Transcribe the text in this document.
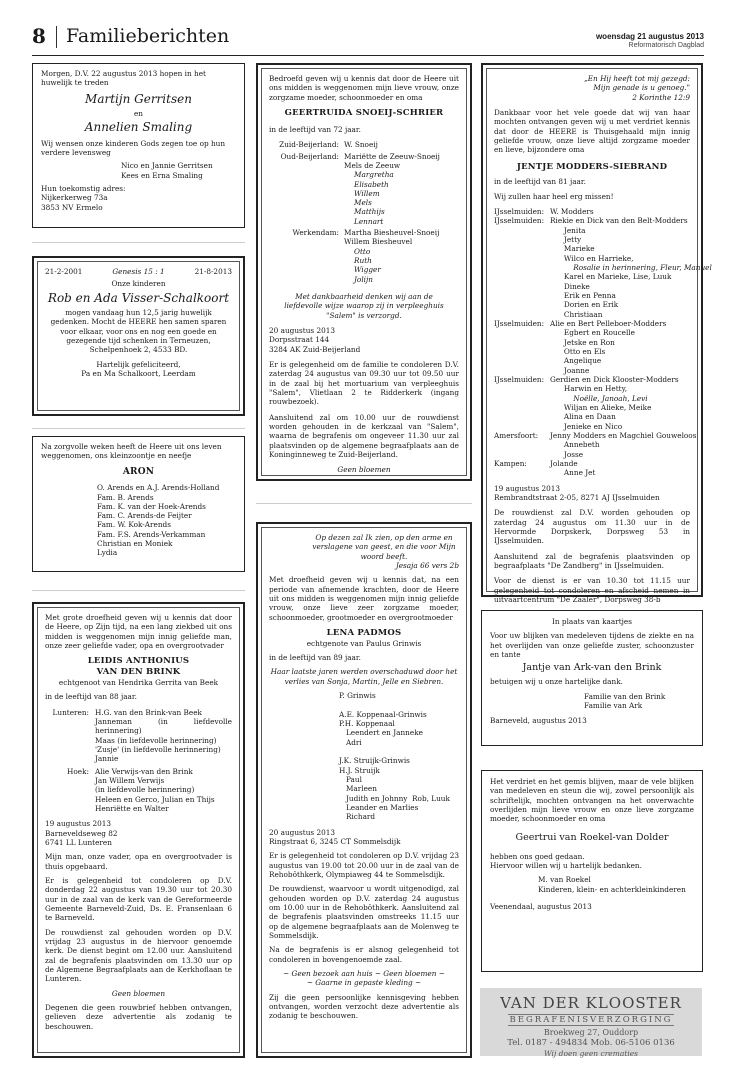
8 Familieberichten	woensdag 21 augustus 2013
Reformatorisch Dagblad

Morgen, D.V. 22 augustus 2013 hopen in het huwelijk te treden

Martijn Gerritsen

en

Annelien Smaling

Wij wensen onze kinderen Gods zegen toe op hun verdere levensweg

Nico en Jannie Gerritsen

Kees en Erna Smaling

Hun toekomstig adres:

Nijkerkerweg 73a

3853 NV Ermelo

21-2-2001	Genesis 15 : 1	21-8-2013

Onze kinderen

Rob en Ada Visser-Schalkoort

mogen vandaag hun 12,5 jarig huwelijk gedenken. Mocht de HEERE hen samen sparen voor elkaar, voor ons en nog een goede en gezegende tijd schenken in Terneuzen, Schelpenhoek 2, 4533 BD.

Hartelijk gefeliciteerd,

Pa en Ma Schalkoort, Leerdam

Na zorgvolle weken heeft de Heere uit ons leven weggenomen, ons kleinzoontje en neefje

ARON

O. Arends en A.J. Arends-Holland
Fam. B. Arends
Fam. K. van der Hoek-Arends
Fam. C. Arends-de Feijter
Fam. W. Kok-Arends
Fam. F.S. Arends-Verkamman
Christian en Moniek
Lydia

Met grote droefheid geven wij u kennis dat door de Heere, op Zijn tijd, na een lang ziekbed uit ons midden is weggenomen mijn innig geliefde man, onze zeer geliefde vader, opa en overgrootvader

LEIDIS ANTHONIUS

VAN DEN BRINK

echtgenoot van Hendrika Gerrita van Beek

in de leeftijd van 88 jaar.

Lunteren: H.G. van den Brink-van Beek
Janneman (in liefdevolle herinnering)
Maas (in liefdevolle herinnering)
'Zusje' (in liefdevolle herinnering)
Jannie
Hoek: Alie Verwijs-van den Brink
Jan Willem Verwijs
(in liefdevolle herinnering)
Heleen en Gerco, Julian en Thijs
Henriëtte en Walter

19 augustus 2013

Barneveldseweg 82

6741 LL Lunteren

Mijn man, onze vader, opa en overgrootvader is thuis opgebaard.

Er is gelegenheid tot condoleren op D.V. donderdag 22 augustus van 19.30 uur tot 20.30 uur in de zaal van de kerk van de Gereformeerde Gemeente Barneveld-Zuid, Ds. E. Fransenlaan 6 te Barneveld.

De rouwdienst zal gehouden worden op D.V. vrijdag 23 augustus in de hiervoor genoemde kerk. De dienst begint om 12.00 uur. Aansluitend zal de begrafenis plaatsvinden om 13.30 uur op de Algemene Begraafplaats aan de Kerkhoflaan te Lunteren.

Geen bloemen

Degenen die geen rouwbrief hebben ontvangen, gelieven deze advertentie als zodanig te beschouwen.

Bedroefd geven wij u kennis dat door de Heere uit ons midden is weggenomen mijn lieve vrouw, onze zorgzame moeder, schoonmoeder en oma

GEERTRUIDA SNOEIJ-SCHRIER

in de leeftijd van 72 jaar.

Zuid-Beijerland: W. Snoeij
Oud-Beijerland: Mariëtte de Zeeuw-Snoeij
Mels de Zeeuw
Margretha
Elisabeth
Willem
Mels
Matthijs
Lennart
Werkendam: Martha Biesheuvel-Snoeij
Willem Biesheuvel
Otto
Ruth
Wigger
Jolijn

Met dankbaarheid denken wij aan de liefdevolle wijze waarop zij in verpleeghuis "Salem" is verzorgd.

20 augustus 2013

Dorpsstraat 144

3284 AK Zuid-Beijerland

Er is gelegenheid om de familie te condoleren D.V. zaterdag 24 augustus van 09.30 uur tot 09.50 uur in de zaal bij het mortuarium van verpleeghuis "Salem", Vlietlaan 2 te Ridderkerk (ingang rouwbezoek).

Aansluitend zal om 10.00 uur de rouwdienst worden gehouden in de kerkzaal van "Salem", waarna de begrafenis om ongeveer 11.30 uur zal plaatsvinden op de algemene begraafplaats aan de Koninginneweg te Zuid-Beijerland.

Geen bloemen

Op dezen zal Ik zien, op den arme en verslagene van geest, en die voor Mijn woord beeft.

Jesaja 66 vers 2b

Met droefheid geven wij u kennis dat, na een periode van afnemende krachten, door de Heere uit ons midden is weggenomen mijn innig geliefde vrouw, onze lieve zeer zorgzame moeder, schoonmoeder, grootmoeder en overgrootmoeder

LENA PADMOS

echtgenote van Paulus Grinwis

in de leeftijd van 89 jaar.

Haar laatste jaren werden overschaduwd door het verlies van Sonja, Martin, Jelle en Siebren.

P. Grinwis

A.E. Koppenaal-Grinwis
P.H. Koppenaal
Leendert en Janneke
Adri

J.K. Struijk-Grinwis
H.J. Struijk
Paul
Marleen
Judith en Johnny  Rob, Luuk
Leander en Marlies
Richard

20 augustus 2013

Ringstraat 6, 3245 CT Sommelsdijk

Er is gelegenheid tot condoleren op D.V. vrijdag 23 augustus van 19.00 tot 20.00 uur in de zaal van de Rehobôthkerk, Olympiaweg 44 te Sommelsdijk.

De rouwdienst, waarvoor u wordt uitgenodigd, zal gehouden worden op D.V. zaterdag 24 augustus om 10.00 uur in de Rehobôthkerk. Aansluitend zal de begrafenis plaatsvinden omstreeks 11.15 uur op de algemene begraafplaats aan de Molenweg te Sommelsdijk.

Na de begrafenis is er alsnog gelegenheid tot condoleren in bovengenoemde zaal.

~ Geen bezoek aan huis ~ Geen bloemen ~

~ Gaarne in gepaste kleding ~

Zij die geen persoonlijke kennisgeving hebben ontvangen, worden verzocht deze advertentie als zodanig te beschouwen.

„En Hij heeft tot mij gezegd:

Mijn genade is u genoeg."

2 Korinthe 12:9

Dankbaar voor het vele goede dat wij van haar mochten ontvangen geven wij u met verdriet kennis dat door de HEERE is Thuisgehaald mijn innig geliefde vrouw, onze lieve altijd zorgzame moeder en lieve, bijzondere oma

JENTJE MODDERS-SIEBRAND

in de leeftijd van 81 jaar.

Wij zullen haar heel erg missen!

IJsselmuiden: W. Modders
IJsselmuiden: Riekie en Dick van den Belt-Modders
Jenita
Jetty
Marieke
Wilco en Harrieke,
Rosalie in herinnering, Fleur, Manuel
Karel en Marieke, Lise, Luuk
Dineke
Erik en Penna
Dorien en Erik
Christiaan
IJsselmuiden: Alie en Bert Pelleboer-Modders
Egbert en Roucelle
Jetske en Ron
Otto en Els
Angelique
Joanne
IJsselmuiden: Gerdien en Dick Klooster-Modders
Harwin en Hetty,
Noëlle, Janoah, Levi
Wiljan en Alieke, Meike
Alina en Daan
Jenieke en Nico
Amersfoort:	Jenny Modders en Magchiel Gouweloos
Annebeth
Josse
Kampen:	Jolande
Anne Jet

19 augustus 2013

Rembrandtstraat 2-05, 8271 AJ IJsselmuiden

De rouwdienst zal D.V. worden gehouden op zaterdag 24 augustus om 11.30 uur in de Hervormde Dorpskerk, Dorpsweg 53 in IJsselmuiden.

Aansluitend zal de begrafenis plaatsvinden op begraafplaats "De Zandberg" in IJsselmuiden.

Voor de dienst is er van 10.30 tot 11.15 uur gelegenheid tot condoleren en afscheid nemen in uitvaartcentrum "De Zaaler", Dorpsweg 38-b

In plaats van kaartjes

Voor uw blijken van medeleven tijdens de ziekte en na het overlijden van onze geliefde zuster, schoonzuster en tante

Jantje van Ark-van den Brink

betuigen wij u onze hartelijke dank.

Familie van den Brink

Familie van Ark

Barneveld, augustus 2013

Het verdriet en het gemis blijven, maar de vele blijken van medeleven en steun die wij, zowel persoonlijk als schriftelijk, mochten ontvangen na het onverwachte overlijden mijn lieve vrouw en onze lieve zorgzame moeder, schoonmoeder en oma

Geertrui van Roekel-van Dolder

hebben ons goed gedaan.

Hiervoor willen wij u hartelijk bedanken.

M. van Roekel

Kinderen, klein- en achterkleinkinderen

Veenendaal, augustus 2013

VAN DER KLOOSTER
BEGRAFENISVERZORGING
Broekweg 27, Ouddorp
Tel. 0187 - 494834 Mob. 06-5106 0136
Wij doen geen crematies
